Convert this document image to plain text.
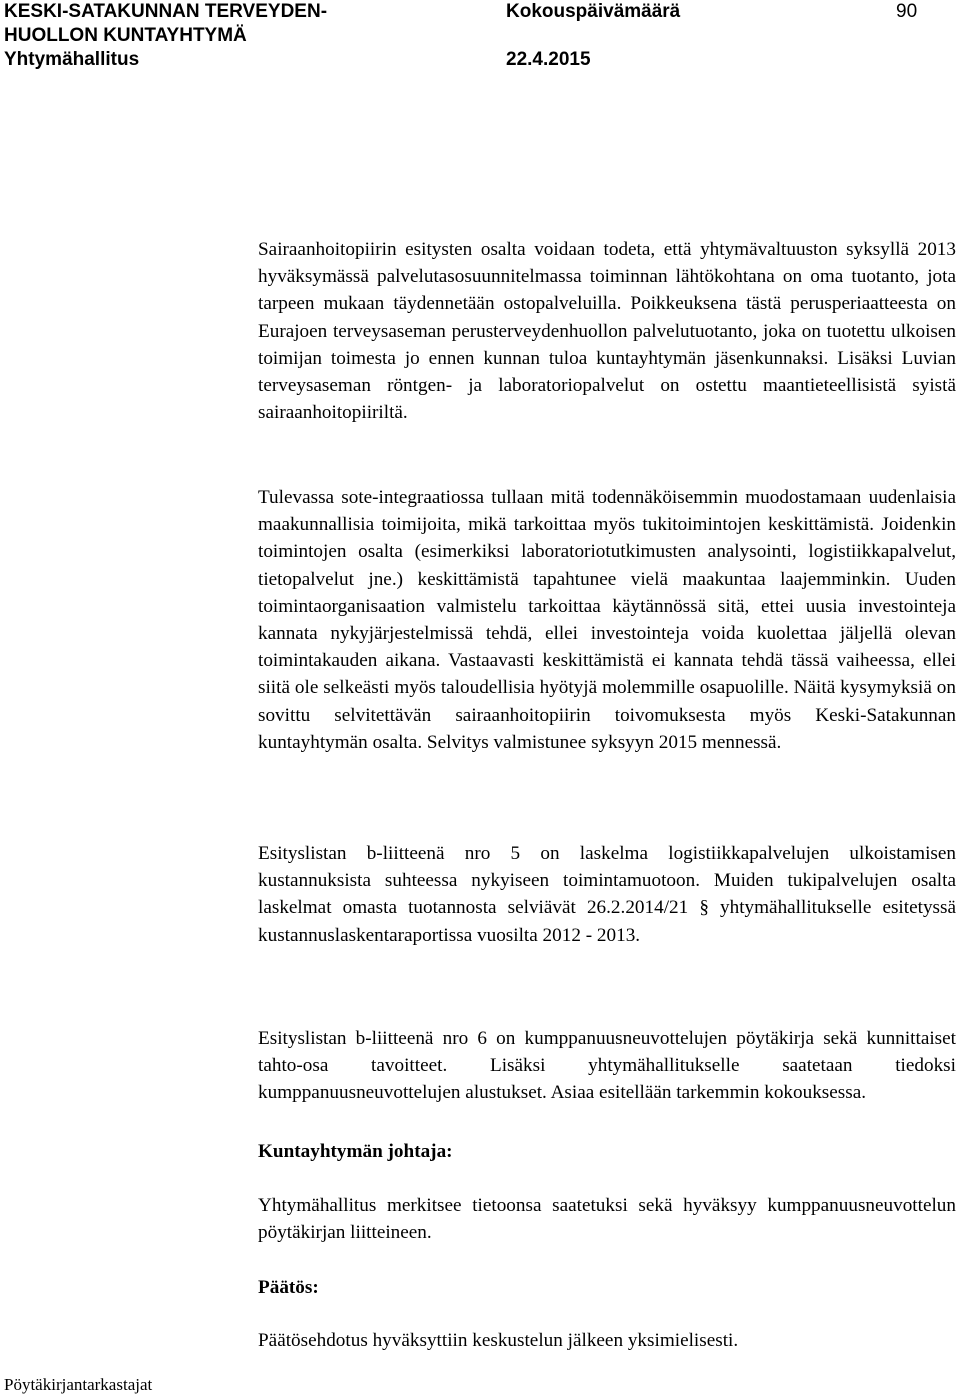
KESKI-SATAKUNNAN TERVEYDEN-
HUOLLON KUNTAYHTYMÄ
Yhtymähallitus
Kokouspäivämäärä
22.4.2015
90

Sairaanhoitopiirin esitysten osalta voidaan todeta, että yhtymävaltuuston syksyllä 2013 hyväksymässä palvelutasosuunnitelmassa toiminnan lähtökohtana on oma tuotanto, jota tarpeen mukaan täydennetään ostopalveluilla. Poikkeuksena tästä perusperiaatteesta on Eurajoen terveysaseman perusterveydenhuollon palvelutuotanto, joka on tuotettu ulkoisen toimijan toimesta jo ennen kunnan tuloa kuntayhtymän jäsenkunnaksi. Lisäksi Luvian terveysaseman röntgen- ja laboratoriopalvelut on ostettu maantieteellisistä syistä sairaanhoitopiiriltä.

Tulevassa sote-integraatiossa tullaan mitä todennäköisemmin muodostamaan uudenlaisia maakunnallisia toimijoita, mikä tarkoittaa myös tukitoimintojen keskittämistä. Joidenkin toimintojen osalta (esimerkiksi laboratoriotutkimusten analysointi, logistiikkapalvelut, tietopalvelut jne.) keskittämistä tapahtunee vielä maakuntaa laajemminkin. Uuden toimintaorganisaation valmistelu tarkoittaa käytännössä sitä, ettei uusia investointeja kannata nykyjärjestelmissä tehdä, ellei investointeja voida kuolettaa jäljellä olevan toimintakauden aikana. Vastaavasti keskittämistä ei kannata tehdä tässä vaiheessa, ellei siitä ole selkeästi myös taloudellisia hyötyjä molemmille osapuolille. Näitä kysymyksiä on sovittu selvitettävän sairaanhoitopiirin toivomuksesta myös Keski-Satakunnan kuntayhtymän osalta. Selvitys valmistunee syksyyn 2015 mennessä.

Esityslistan b-liitteenä nro 5 on laskelma logistiikkapalvelujen ulkoistamisen kustannuksista suhteessa nykyiseen toimintamuotoon. Muiden tukipalvelujen osalta laskelmat omasta tuotannosta selviävät 26.2.2014/21 § yhtymähallitukselle esitetyssä kustannuslaskentaraportissa vuosilta 2012 - 2013.

Esityslistan b-liitteenä nro 6 on kumppanuusneuvottelujen pöytäkirja sekä kunnittaiset tahto-osa tavoitteet. Lisäksi yhtymähallitukselle saatetaan tiedoksi kumppanuusneuvottelujen alustukset. Asiaa esitellään tarkemmin kokouksessa.

Kuntayhtymän johtaja:

Yhtymähallitus merkitsee tietoonsa saatetuksi sekä hyväksyy kumppanuusneuvottelun pöytäkirjan liitteineen.

Päätös:

Päätösehdotus hyväksyttiin keskustelun jälkeen yksimielisesti.

Pöytäkirjantarkastajat
